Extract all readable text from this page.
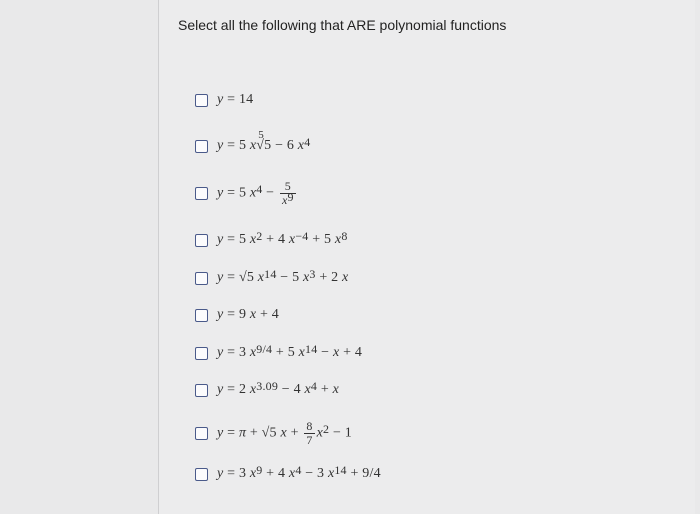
Select all the following that ARE polynomial functions
y = 14
y = 5 x
5
√5 − 6 $x^4$
y = 5 $x^4 - \frac{5}{x^9}$
y = 5 $x^2 + 4$ $x^{-4} + 5$ $x^8$
y = √5 $x^{14} - 5$ $x^3 + 2$ x
y = 9 x + 4
y = 3 $x^{9/4} + 5$ $x^{14} - x + 4$
y = 2 $x^{3.09} - 4$ $x^4 + x$
y = π + √5 $x + \frac{8}{7} x^2 - 1$
y = 3 $x^9 + 4$ $x^4 - 3$ $x^{14} + 9/4$
